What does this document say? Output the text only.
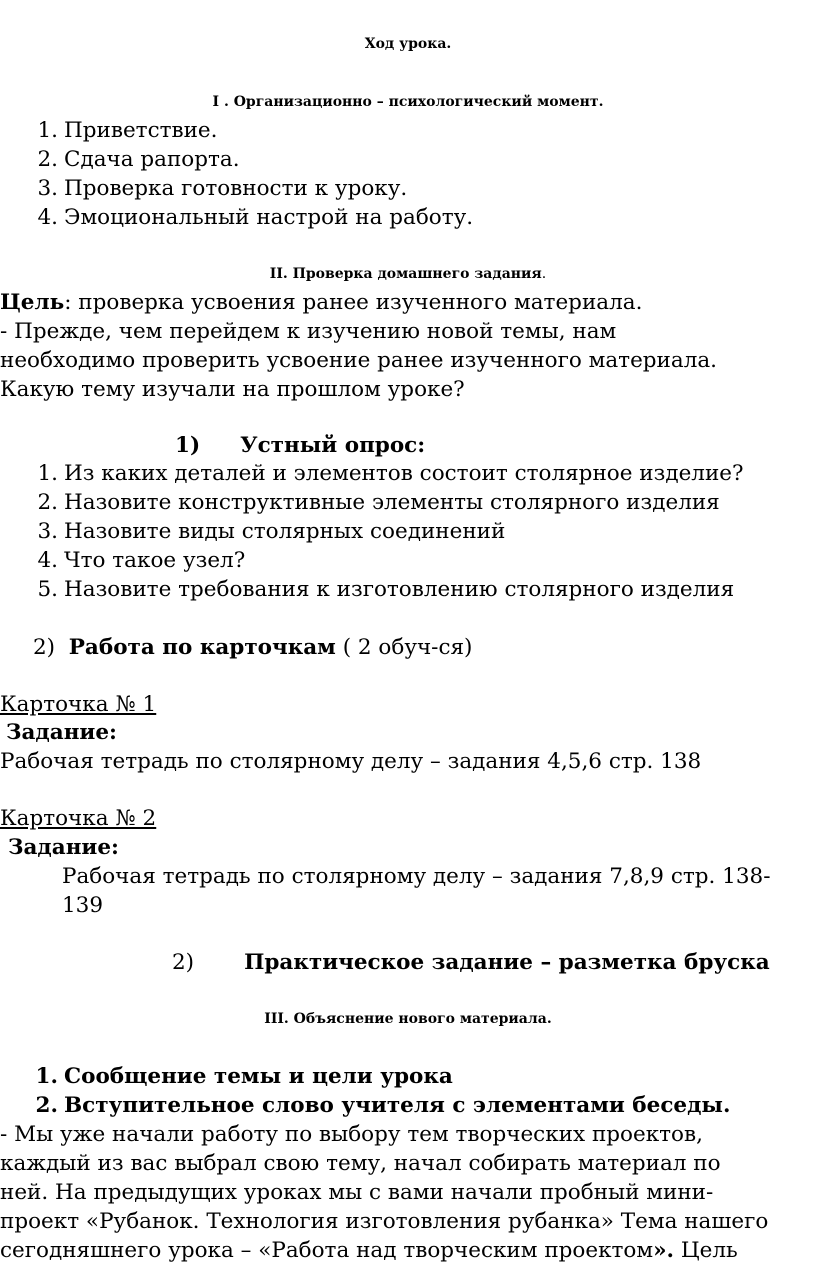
Ход урока.
I . Организационно – психологический момент.
1. Приветствие.
2. Сдача рапорта.
3. Проверка готовности к уроку.
4. Эмоциональный настрой на работу.
II. Проверка домашнего задания.
Цель: проверка усвоения ранее изученного материала.
- Прежде, чем перейдем к изучению новой темы, нам
необходимо проверить усвоение ранее изученного материала.
Какую тему изучали на прошлом уроке?
1) Устный опрос:
1. Из каких деталей и элементов состоит столярное изделие?
2. Назовите конструктивные элементы столярного изделия
3. Назовите виды столярных соединений
4. Что такое узел?
5. Назовите требования к изготовлению столярного изделия
2) Работа по карточкам ( 2 обуч-ся)
Карточка № 1
Задание:
Рабочая тетрадь по столярному делу – задания 4,5,6 стр. 138
Карточка № 2
Задание:
Рабочая тетрадь по столярному делу – задания 7,8,9 стр. 138-
139
2) Практическое задание – разметка бруска
III. Объяснение нового материала.
1. Сообщение темы и цели урока
2. Вступительное слово учителя с элементами беседы.
- Мы уже начали работу по выбору тем творческих проектов,
каждый из вас выбрал свою тему, начал собирать материал по
ней. На предыдущих уроках мы с вами начали пробный мини-
проект «Рубанок. Технология изготовления рубанка» Тема нашего
сегодняшнего урока – «Работа над творческим проектом». Цель
